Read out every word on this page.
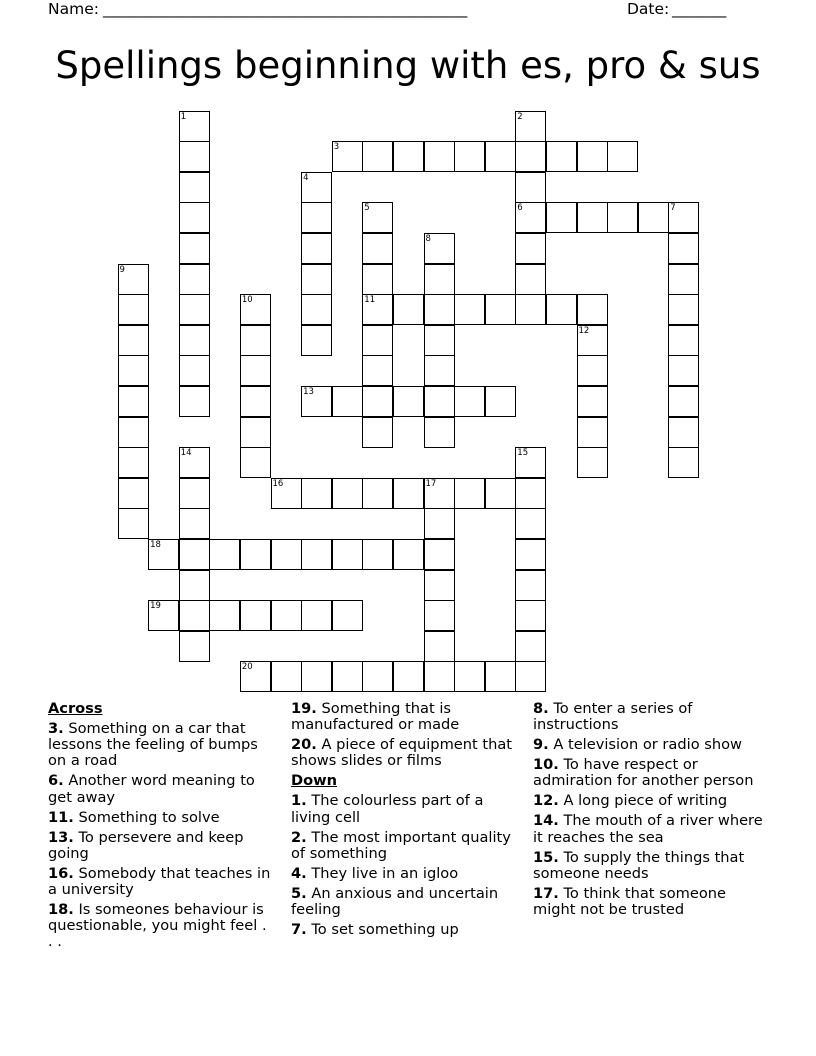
Name: _______________________________________________	Date: _______
Spellings beginning with es, pro & sus
1	2
6
3
4
5
11
7
8
9
10
12
13
14	15
16	17
18
19
20
Across
3. Something on a car that lessons the feeling of bumps on a road
6. Another word meaning to get away
11. Something to solve
13. To persevere and keep going
16. Somebody that teaches in a university
18. Is someones behaviour is questionable, you might feel . . .
19. Something that is manufactured or made
20. A piece of equipment that shows slides or films
Down
1. The colourless part of a living cell
2. The most important quality of something
4. They live in an igloo
5. An anxious and uncertain feeling
7. To set something up
8. To enter a series of instructions
9. A television or radio show
10. To have respect or admiration for another person
12. A long piece of writing
14. The mouth of a river where it reaches the sea
15. To supply the things that someone needs
17. To think that someone might not be trusted
